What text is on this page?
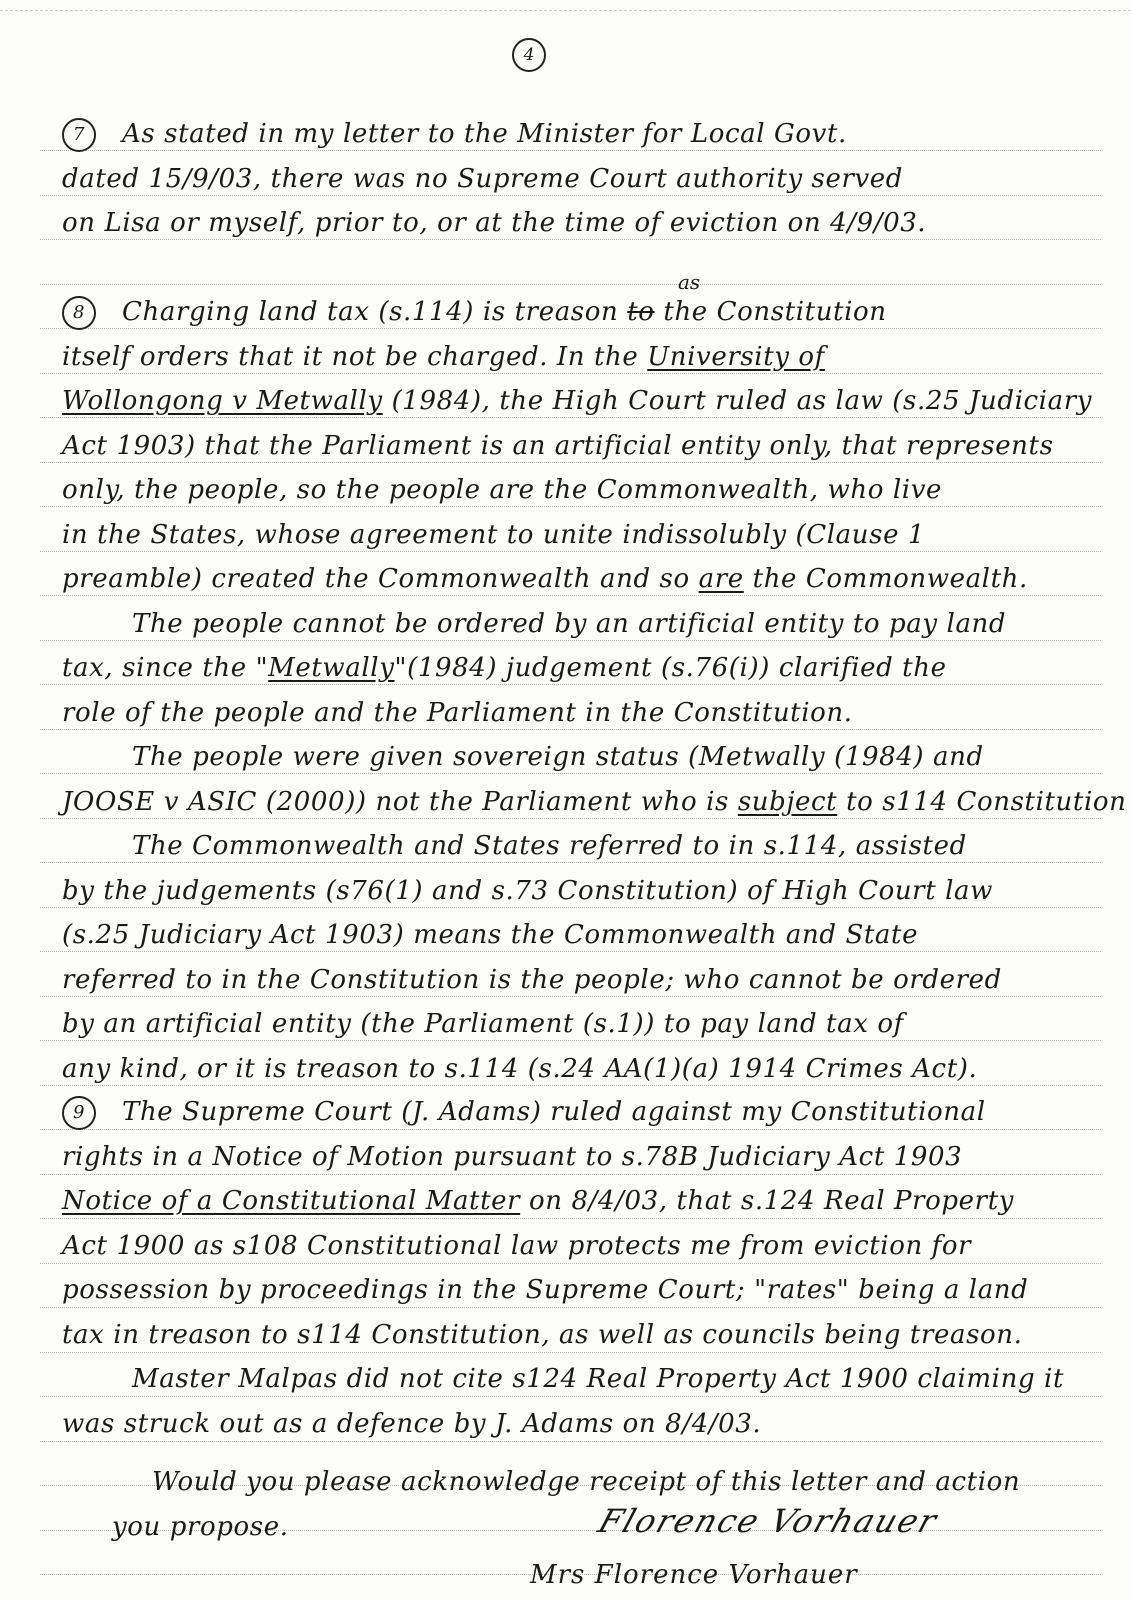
4
7 As stated in my letter to the Minister for Local Govt.
dated 15/9/03, there was no Supreme Court authority served
on Lisa or myself, prior to, or at the time of eviction on 4/9/03.
as
8 Charging land tax (s.114) is treason to the Constitution
itself orders that it not be charged. In the University of
Wollongong v Metwally (1984), the High Court ruled as law (s.25 Judiciary
Act 1903) that the Parliament is an artificial entity only, that represents
only, the people, so the people are the Commonwealth, who live
in the States, whose agreement to unite indissolubly (Clause 1
preamble) created the Commonwealth and so are the Commonwealth.
The people cannot be ordered by an artificial entity to pay land
tax, since the "Metwally"(1984) judgement (s.76(i)) clarified the
role of the people and the Parliament in the Constitution.
The people were given sovereign status (Metwally (1984) and
JOOSE v ASIC (2000)) not the Parliament who is subject to s114 Constitution
The Commonwealth and States referred to in s.114, assisted
by the judgements (s76(1) and s.73 Constitution) of High Court law
(s.25 Judiciary Act 1903) means the Commonwealth and State
referred to in the Constitution is the people; who cannot be ordered
by an artificial entity (the Parliament (s.1)) to pay land tax of
any kind, or it is treason to s.114 (s.24 AA(1)(a) 1914 Crimes Act).
9 The Supreme Court (J. Adams) ruled against my Constitutional
rights in a Notice of Motion pursuant to s.78B Judiciary Act 1903
Notice of a Constitutional Matter on 8/4/03, that s.124 Real Property
Act 1900 as s108 Constitutional law protects me from eviction for
possession by proceedings in the Supreme Court; "rates" being a land
tax in treason to s114 Constitution, as well as councils being treason.
Master Malpas did not cite s124 Real Property Act 1900 claiming it
was struck out as a defence by J. Adams on 8/4/03.
Would you please acknowledge receipt of this letter and action
you propose.	Florence Vorhauer
Mrs Florence Vorhauer
